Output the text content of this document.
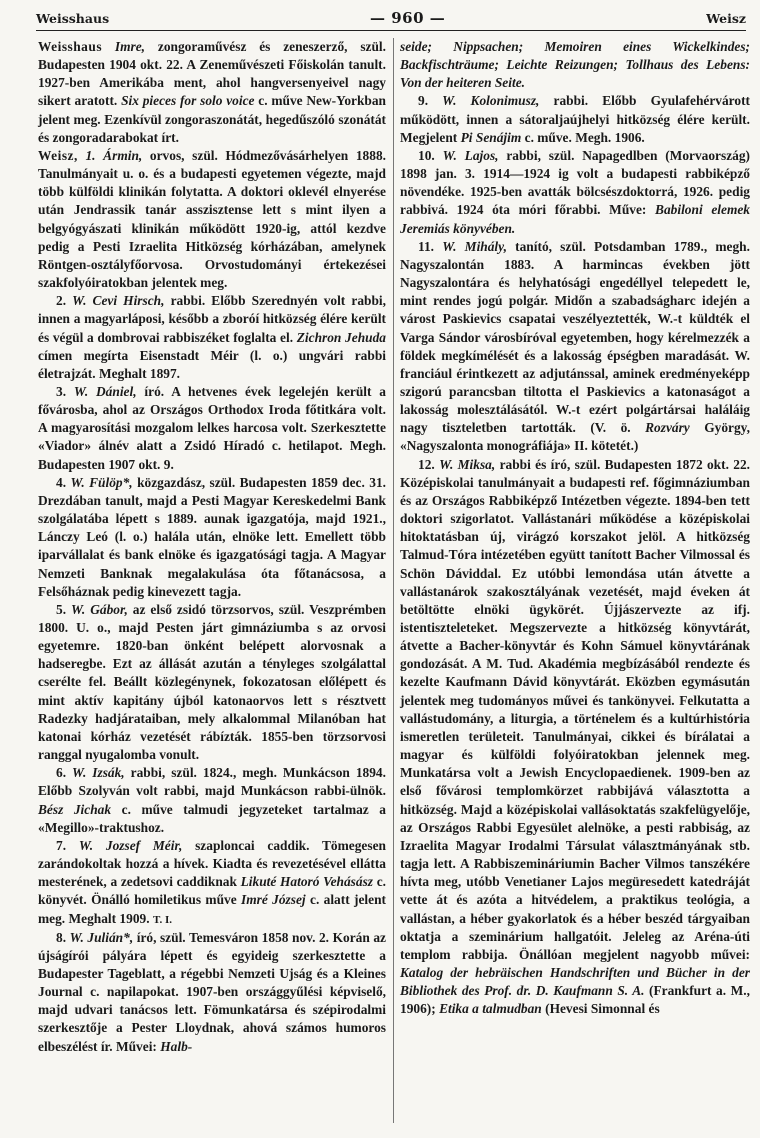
Weisshaus	— 960 —	Weisz

Weisshaus Imre, zongoraművész és zeneszerző, szül. Budapesten 1904 okt. 22. A Zeneművészeti Főiskolán tanult. 1927-ben Amerikába ment, ahol hangversenyeivel nagy sikert aratott. Six pieces for solo voice c. műve New-Yorkban jelent meg. Ezenkívül zongoraszonátát, hegedűszóló szonátát és zongoradarabokat írt.

Weisz, 1. Ármin, orvos, szül. Hódmezővásárhelyen 1888. Tanulmányait u. o. és a budapesti egyetemen végezte, majd több külföldi klinikán folytatta. A doktori oklevél elnyerése után Jendrassik tanár asszisztense lett s mint ilyen a belgyógyászati klinikán működött 1920-ig, attól kezdve pedig a Pesti Izraelita Hitközség kórházában, amelynek Röntgen-osztályfőorvosa. Orvostudományi értekezései szakfolyóiratokban jelentek meg.

2. W. Cevi Hirsch, rabbi. Előbb Szerednyén volt rabbi, innen a magyarláposi, később a zboróí hitközség élére került és végül a dombrovai rabbiszéket foglalta el. Zichron Jehuda címen megírta Eisenstadt Méir (l. o.) ungvári rabbi életrajzát. Meghalt 1897.

3. W. Dániel, író. A hetvenes évek legelején került a fővárosba, ahol az Országos Orthodox Iroda főtitkára volt. A magyarosítási mozgalom lelkes harcosa volt. Szerkesztette «Viador» álnév alatt a Zsidó Híradó c. hetilapot. Megh. Budapesten 1907 okt. 9.

4. W. Fülöp*, közgazdász, szül. Budapesten 1859 dec. 31. Drezdában tanult, majd a Pesti Magyar Kereskedelmi Bank szolgálatába lépett s 1889. aunak igazgatója, majd 1921., Lánczy Leó (l. o.) halála után, elnöke lett. Emellett több iparvállalat és bank elnöke és igazgatósági tagja. A Magyar Nemzeti Banknak megalakulása óta főtanácsosa, a Felsőháznak pedig kinevezett tagja.

5. W. Gábor, az első zsidó törzsorvos, szül. Veszprémben 1800. U. o., majd Pesten járt gimnáziumba s az orvosi egyetemre. 1820-ban önként belépett alorvosnak a hadseregbe. Ezt az állását azután a tényleges szolgálattal cserélte fel. Beállt közlegénynek, fokozatosan előlépett és mint aktív kapitány újból katonaorvos lett s résztvett Radezky hadjárataiban, mely alkalommal Milanóban hat katonai kórház vezetését rábízták. 1855-ben törzsorvosi ranggal nyugalomba vonult.

6. W. Izsák, rabbi, szül. 1824., megh. Munkácson 1894. Előbb Szolyván volt rabbi, majd Munkácson rabbi-ülnök. Bész Jichak c. műve talmudi jegyzeteket tartalmaz a «Megillo»-traktushoz.

7. W. Jozsef Méir, szaploncai caddik. Tömegesen zarándokoltak hozzá a hívek. Kiadta és revezetésével ellátta mesterének, a zedetsovi caddiknak Likuté Hatoró Vehásász c. könyvét. Önálló homiletikus műve Imré Józsej c. alatt jelent meg. Meghalt 1909. T. I.

8. W. Julián*, író, szül. Temesváron 1858 nov. 2. Korán az újságírói pályára lépett és egyideig szerkesztette a Budapester Tageblatt, a régebbi Nemzeti Ujság és a Kleines Journal c. napilapokat. 1907-ben országgyűlési képviselő, majd udvari tanácsos lett. Fömunkatársa és szépirodalmi szerkesztője a Pester Lloydnak, ahová számos humoros elbeszélést ír. Művei: Halb-

seide; Nippsachen; Memoiren eines Wickelkindes; Backfischträume; Leichte Reizungen; Tollhaus des Lebens: Von der heiteren Seite.

9. W. Kolonimusz, rabbi. Előbb Gyulafehérvárott működött, innen a sátoraljaújhelyi hitközség élére került. Megjelent Pi Senájim c. műve. Megh. 1906.

10. W. Lajos, rabbi, szül. Napagedlben (Morvaország) 1898 jan. 3. 1914—1924 ig volt a budapesti rabbiképző növendéke. 1925-ben avatták bölcsészdoktorrá, 1926. pedig rabbivá. 1924 óta móri főrabbi. Műve: Babiloni elemek Jeremiás könyvében.

11. W. Mihály, tanító, szül. Potsdamban 1789., megh. Nagyszalontán 1883. A harmincas években jött Nagyszalontára és helyhatósági engedéllyel telepedett le, mint rendes jogú polgár. Midőn a szabadságharc idején a várost Paskievics csapatai veszélyeztették, W.-t küldték el Varga Sándor városbíróval egyetemben, hogy kérelmezzék a földek megkímélését és a lakosság épségben maradását. W. franciául érintkezett az adjutánssal, aminek eredményeképp szigorú parancsban tiltotta el Paskievics a katonaságot a lakosság molesztálásától. W.-t ezért polgártársai haláláig nagy tiszteletben tartották. (V. ö. Rozváry György, «Nagyszalonta monográfiája» II. kötetét.)

12. W. Miksa, rabbi és író, szül. Budapesten 1872 okt. 22. Középiskolai tanulmányait a budapesti ref. főgimnáziumban és az Országos Rabbiképző Intézetben végezte. 1894-ben tett doktori szigorlatot. Vallástanári működése a középiskolai hitoktatásban új, virágzó korszakot jelöl. A hitközség Talmud-Tóra intézetében együtt tanított Bacher Vilmossal és Schön Dáviddal. Ez utóbbi lemondása után átvette a vallástanárok szakosztályának vezetését, majd éveken át betöltötte elnöki ügykörét. Újjászervezte az ifj. istentiszteleteket. Megszervezte a hitközség könyvtárát, átvette a Bacher-könyvtár és Kohn Sámuel könyvtárának gondozását. A M. Tud. Akadémia megbízásából rendezte és kezelte Kaufmann Dávid könyvtárát. Eközben egymásután jelentek meg tudományos művei és tankönyvei. Felkutatta a vallástudomány, a liturgia, a történelem és a kultúrhistória ismeretlen területeit. Tanulmányai, cikkei és bírálatai a magyar és külföldi folyóiratokban jelennek meg. Munkatársa volt a Jewish Encyclopaedienek. 1909-ben az első fővárosi templomkörzet rabbijává választotta a hitközség. Majd a középiskolai vallásoktatás szakfelügyelője, az Országos Rabbi Egyesület alelnöke, a pesti rabbiság, az Izraelita Magyar Irodalmi Társulat választmányának stb. tagja lett. A Rabbiszemináriumin Bacher Vilmos tanszékére hívta meg, utóbb Venetianer Lajos megüresedett katedráját vette át és azóta a hitvédelem, a praktikus teológia, a vallástan, a héber gyakorlatok és a héber beszéd tárgyaiban oktatja a szeminárium hallgatóit. Jeleleg az Aréna-úti templom rabbija. Önállóan megjelent nagyobb művei: Katalog der hebräischen Handschriften und Bücher in der Bibliothek des Prof. dr. D. Kaufmann S. A. (Frankfurt a. M., 1906); Etika a talmudban (Hevesi Simonnal és
